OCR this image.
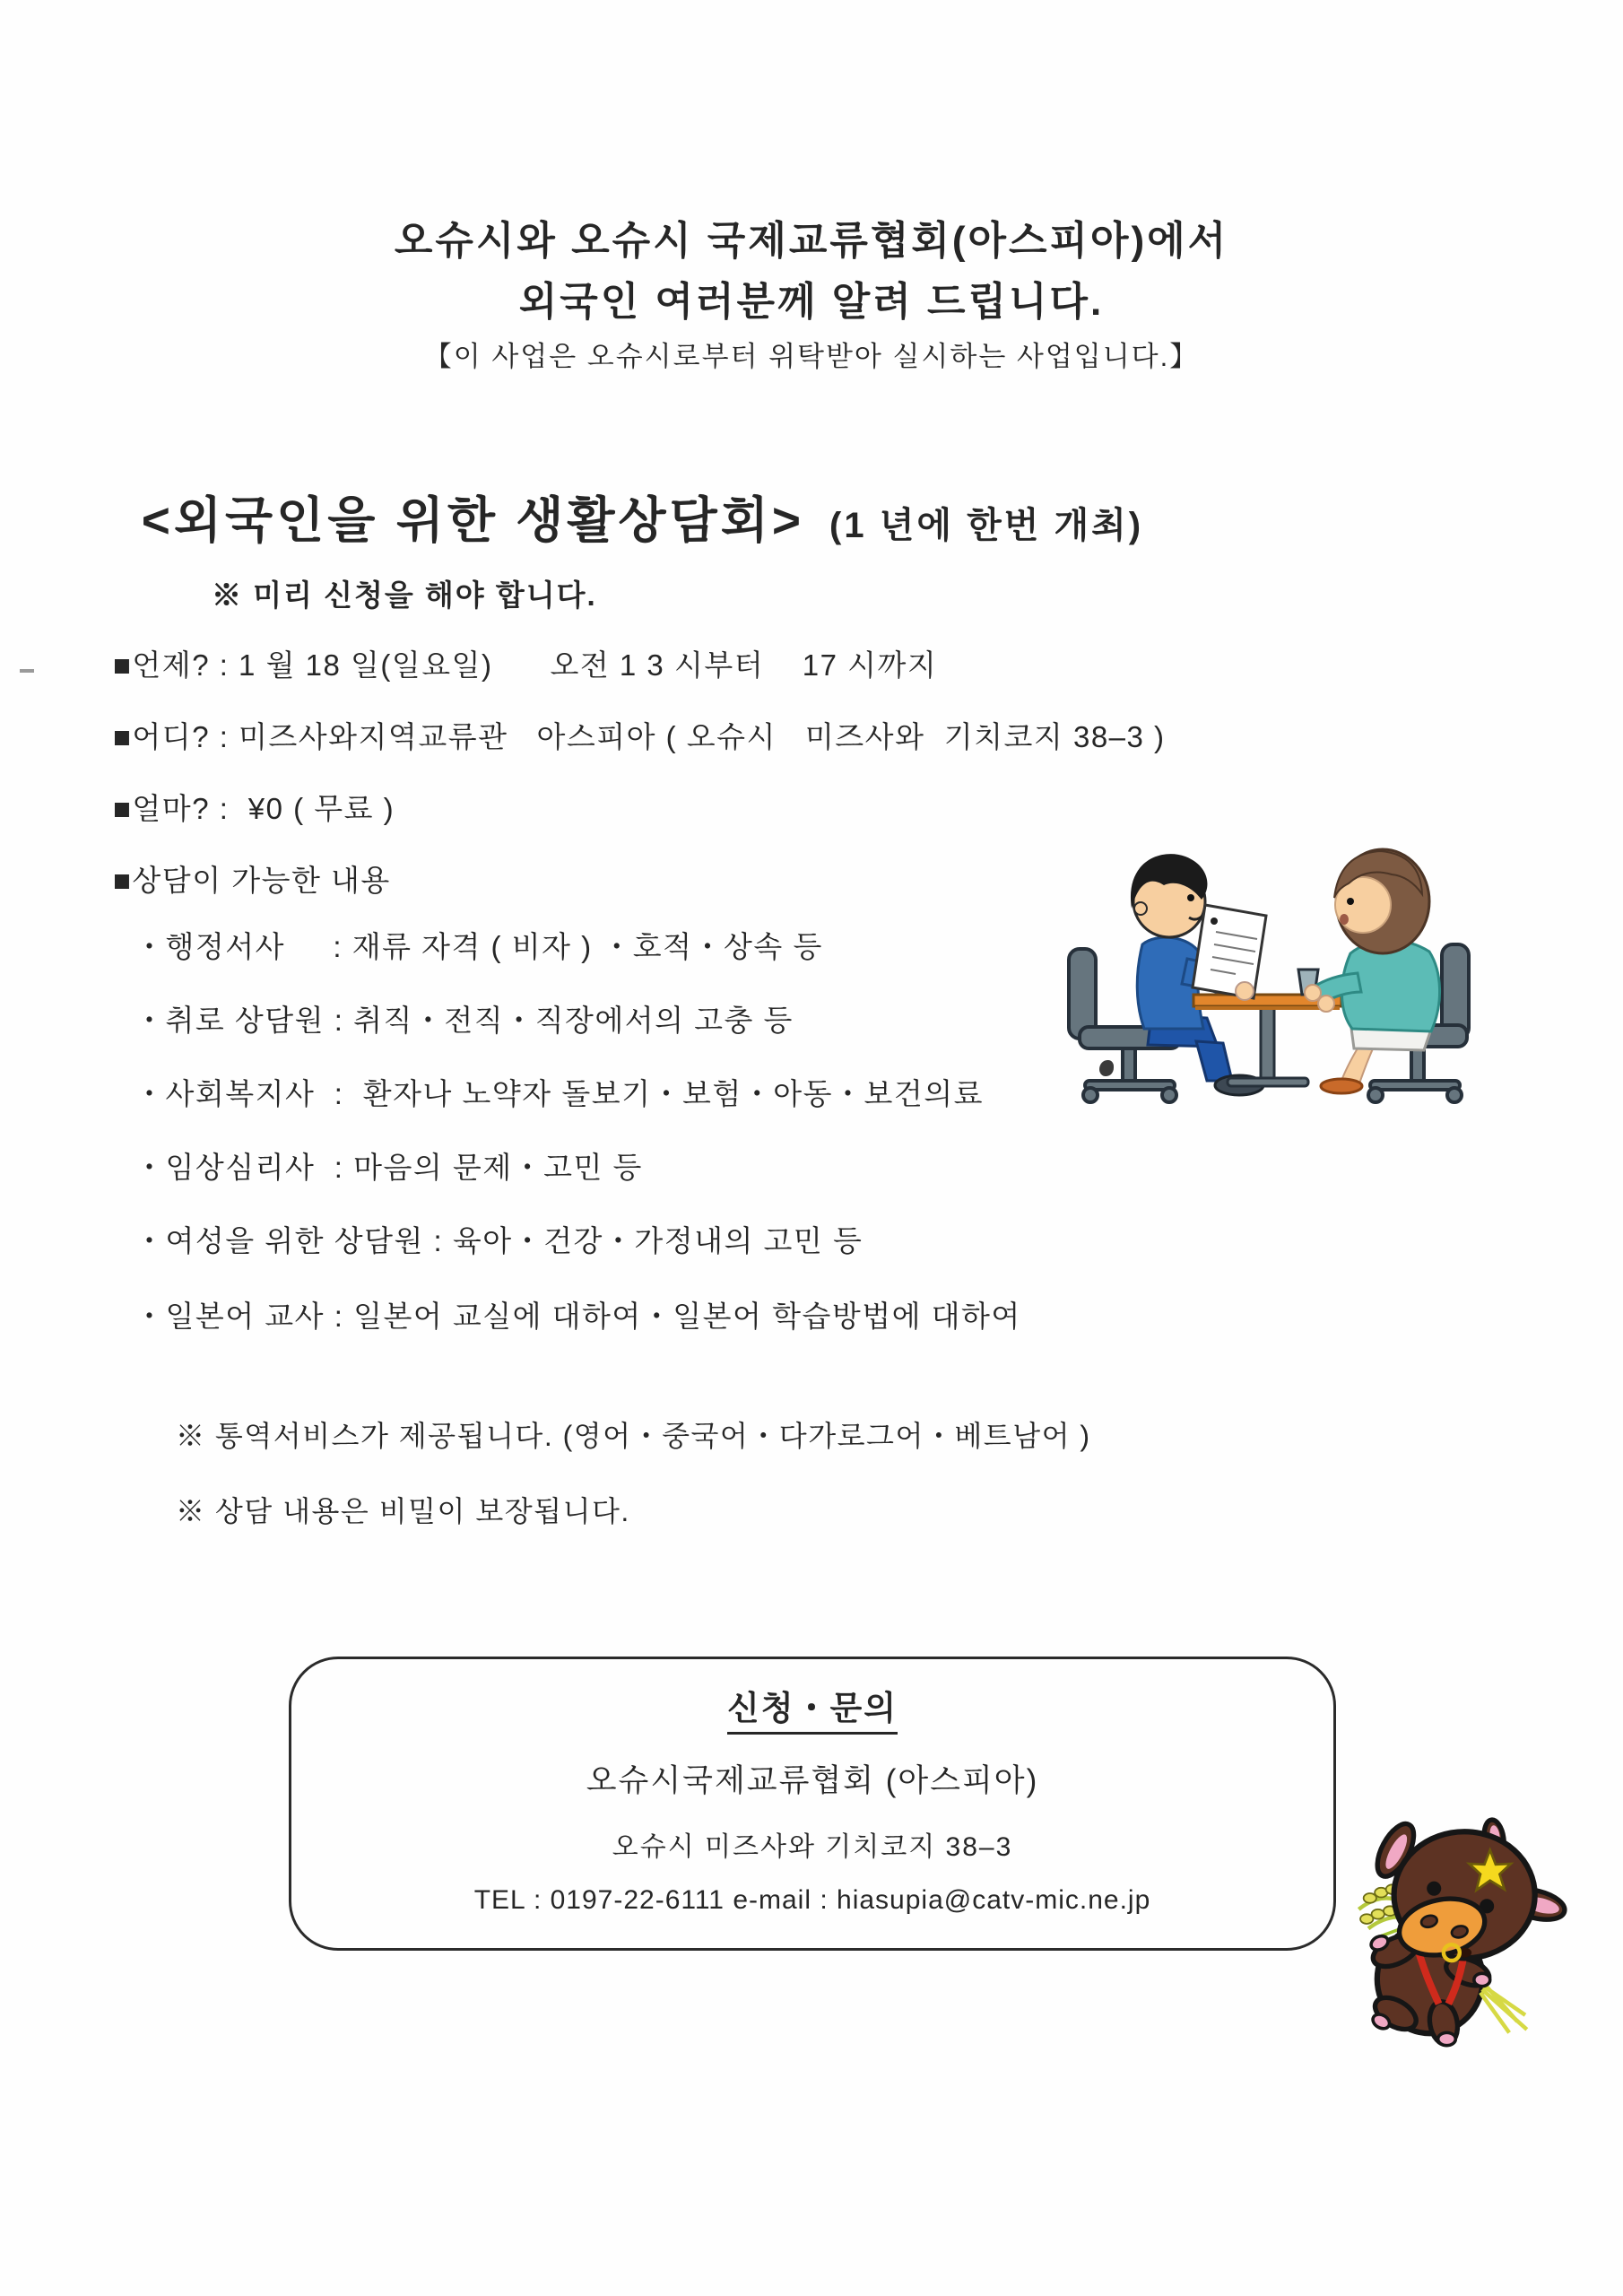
오슈시와 오슈시 국제교류협회(아스피아)에서
외국인 여러분께 알려 드립니다.
【이 사업은 오슈시로부터 위탁받아 실시하는 사업입니다.】

<외국인을 위한 생활상담회> (1 년에 한번 개최)

※ 미리 신청을 해야 합니다.
■언제? : 1 월 18 일(일요일)      오전 1 3 시부터    17 시까지
■어디? : 미즈사와지역교류관   아스피아 ( 오슈시   미즈사와  기치코지 38–3 )
■얼마? :  ¥0 ( 무료 )
■상담이 가능한 내용
・행정서사     : 재류 자격 ( 비자 ) ・호적・상속 등
・취로 상담원 : 취직・전직・직장에서의 고충 등
・사회복지사  :  환자나 노약자 돌보기・보험・아동・보건의료
・임상심리사  : 마음의 문제・고민 등
・여성을 위한 상담원 : 육아・건강・가정내의 고민 등
・일본어 교사 : 일본어 교실에 대하여・일본어 학습방법에 대하여
※ 통역서비스가 제공됩니다. (영어・중국어・다가로그어・베트남어 )
※ 상담 내용은 비밀이 보장됩니다.

신청・문의
오슈시국제교류협회 (아스피아)
오슈시 미즈사와 기치코지 38–3
TEL : 0197-22-6111 e-mail : hiasupia@catv-mic.ne.jp
